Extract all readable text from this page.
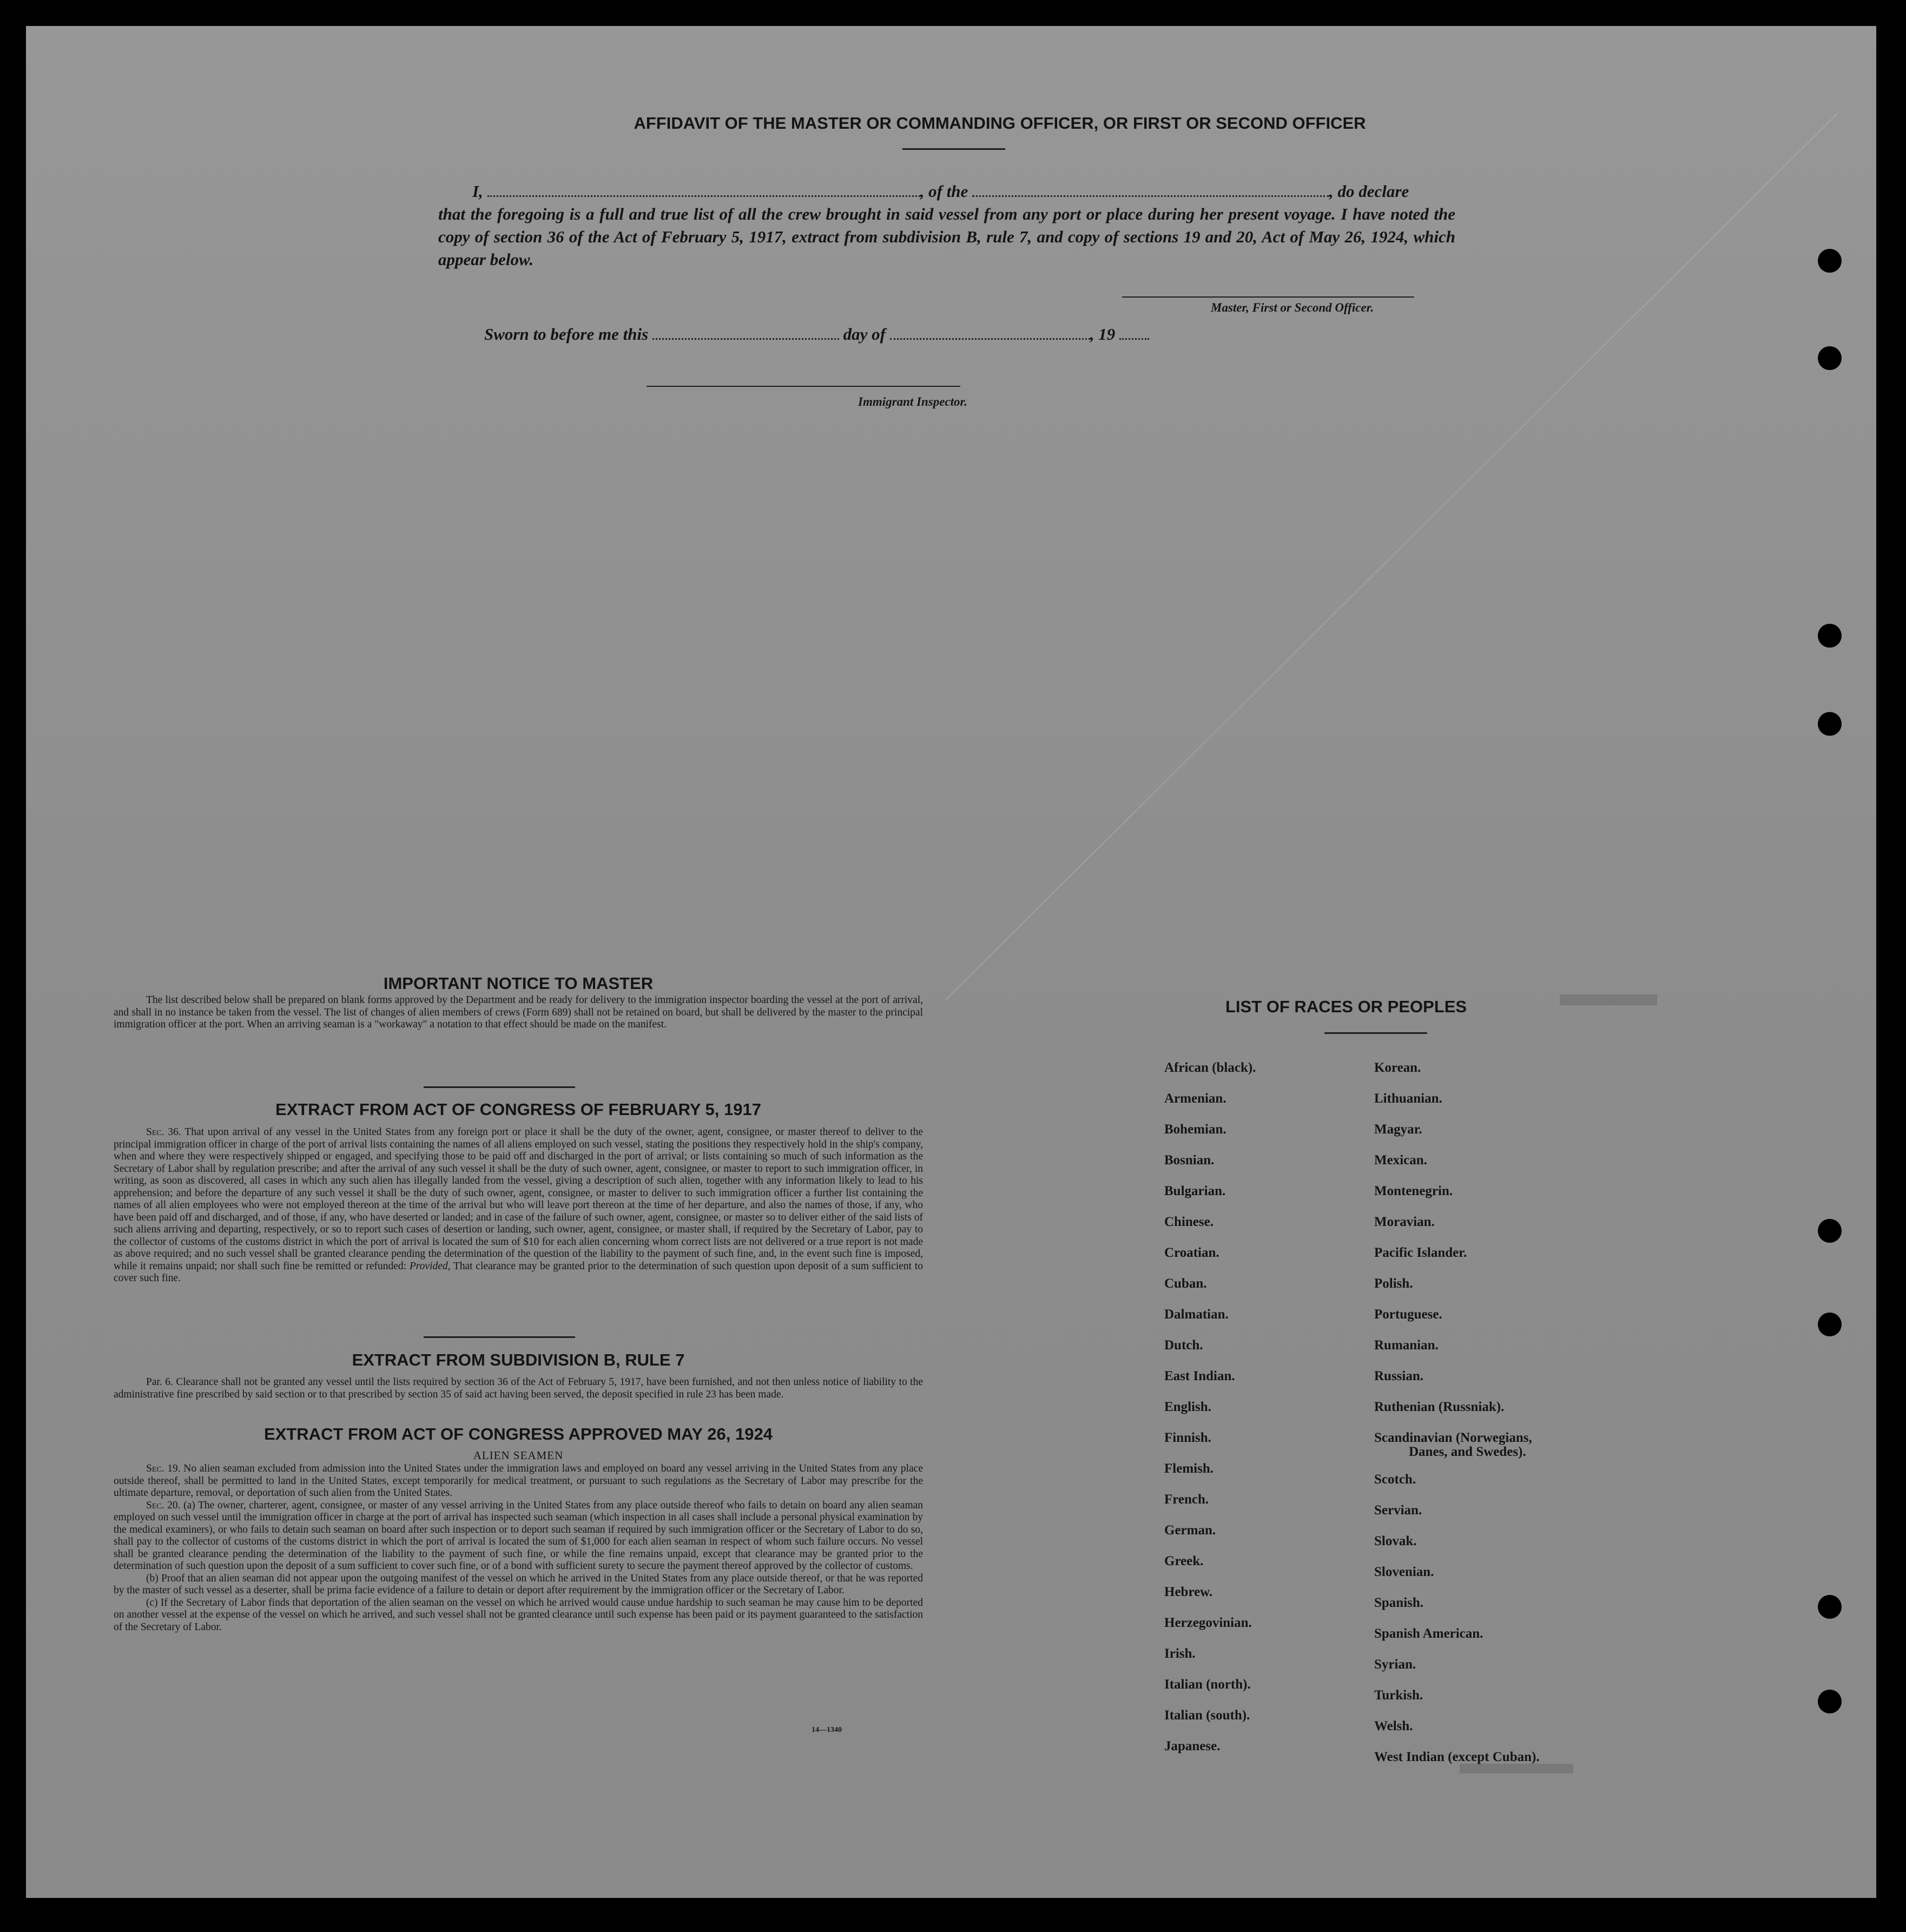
AFFIDAVIT OF THE MASTER OR COMMANDING OFFICER, OR FIRST OR SECOND OFFICER
I,	, of the	, do declare
that the foregoing is a full and true list of all the crew brought in said vessel from any port or place during her present voyage. I have noted the copy of section 36 of the Act of February 5, 1917, extract from subdivision B, rule 7, and copy of sections 19 and 20, Act of May 26, 1924, which appear below.
Master, First or Second Officer.
Sworn to before me this	day of	, 19
Immigrant Inspector.
IMPORTANT NOTICE TO MASTER
The list described below shall be prepared on blank forms approved by the Department and be ready for delivery to the immigration inspector boarding the vessel at the port of arrival, and shall in no instance be taken from the vessel. The list of changes of alien members of crews (Form 689) shall not be retained on board, but shall be delivered by the master to the principal immigration officer at the port. When an arriving seaman is a "workaway" a notation to that effect should be made on the manifest.
EXTRACT FROM ACT OF CONGRESS OF FEBRUARY 5, 1917
Sec. 36. That upon arrival of any vessel in the United States from any foreign port or place it shall be the duty of the owner, agent, consignee, or master thereof to deliver to the principal immigration officer in charge of the port of arrival lists containing the names of all aliens employed on such vessel, stating the positions they respectively hold in the ship's company, when and where they were respectively shipped or engaged, and specifying those to be paid off and discharged in the port of arrival; or lists containing so much of such information as the Secretary of Labor shall by regulation prescribe; and after the arrival of any such vessel it shall be the duty of such owner, agent, consignee, or master to report to such immigration officer, in writing, as soon as discovered, all cases in which any such alien has illegally landed from the vessel, giving a description of such alien, together with any information likely to lead to his apprehension; and before the departure of any such vessel it shall be the duty of such owner, agent, consignee, or master to deliver to such immigration officer a further list containing the names of all alien employees who were not employed thereon at the time of the arrival but who will leave port thereon at the time of her departure, and also the names of those, if any, who have been paid off and discharged, and of those, if any, who have deserted or landed; and in case of the failure of such owner, agent, consignee, or master so to deliver either of the said lists of such aliens arriving and departing, respectively, or so to report such cases of desertion or landing, such owner, agent, consignee, or master shall, if required by the Secretary of Labor, pay to the collector of customs of the customs district in which the port of arrival is located the sum of $10 for each alien concerning whom correct lists are not delivered or a true report is not made as above required; and no such vessel shall be granted clearance pending the determination of the question of the liability to the payment of such fine, and, in the event such fine is imposed, while it remains unpaid; nor shall such fine be remitted or refunded: Provided, That clearance may be granted prior to the determination of such question upon deposit of a sum sufficient to cover such fine.
EXTRACT FROM SUBDIVISION B, RULE 7
Par. 6. Clearance shall not be granted any vessel until the lists required by section 36 of the Act of February 5, 1917, have been furnished, and not then unless notice of liability to the administrative fine prescribed by said section or to that prescribed by section 35 of said act having been served, the deposit specified in rule 23 has been made.
EXTRACT FROM ACT OF CONGRESS APPROVED MAY 26, 1924
ALIEN SEAMEN
Sec. 19. No alien seaman excluded from admission into the United States under the immigration laws and employed on board any vessel arriving in the United States from any place outside thereof, shall be permitted to land in the United States, except temporarily for medical treatment, or pursuant to such regulations as the Secretary of Labor may prescribe for the ultimate departure, removal, or deportation of such alien from the United States.
Sec. 20. (a) The owner, charterer, agent, consignee, or master of any vessel arriving in the United States from any place outside thereof who fails to detain on board any alien seaman employed on such vessel until the immigration officer in charge at the port of arrival has inspected such seaman (which inspection in all cases shall include a personal physical examination by the medical examiners), or who fails to detain such seaman on board after such inspection or to deport such seaman if required by such immigration officer or the Secretary of Labor to do so, shall pay to the collector of customs of the customs district in which the port of arrival is located the sum of $1,000 for each alien seaman in respect of whom such failure occurs. No vessel shall be granted clearance pending the determination of the liability to the payment of such fine, or while the fine remains unpaid, except that clearance may be granted prior to the determination of such question upon the deposit of a sum sufficient to cover such fine, or of a bond with sufficient surety to secure the payment thereof approved by the collector of customs.
(b) Proof that an alien seaman did not appear upon the outgoing manifest of the vessel on which he arrived in the United States from any place outside thereof, or that he was reported by the master of such vessel as a deserter, shall be prima facie evidence of a failure to detain or deport after requirement by the immigration officer or the Secretary of Labor.
(c) If the Secretary of Labor finds that deportation of the alien seaman on the vessel on which he arrived would cause undue hardship to such seaman he may cause him to be deported on another vessel at the expense of the vessel on which he arrived, and such vessel shall not be granted clearance until such expense has been paid or its payment guaranteed to the satisfaction of the Secretary of Labor.
14—1340
LIST OF RACES OR PEOPLES
African (black).
Armenian.
Bohemian.
Bosnian.
Bulgarian.
Chinese.
Croatian.
Cuban.
Dalmatian.
Dutch.
East Indian.
English.
Finnish.
Flemish.
French.
German.
Greek.
Hebrew.
Herzegovinian.
Irish.
Italian (north).
Italian (south).
Japanese.
Korean.
Lithuanian.
Magyar.
Mexican.
Montenegrin.
Moravian.
Pacific Islander.
Polish.
Portuguese.
Rumanian.
Russian.
Ruthenian (Russniak).
Scandinavian (Norwegians,
Danes, and Swedes).
Scotch.
Servian.
Slovak.
Slovenian.
Spanish.
Spanish American.
Syrian.
Turkish.
Welsh.
West Indian (except Cuban).
